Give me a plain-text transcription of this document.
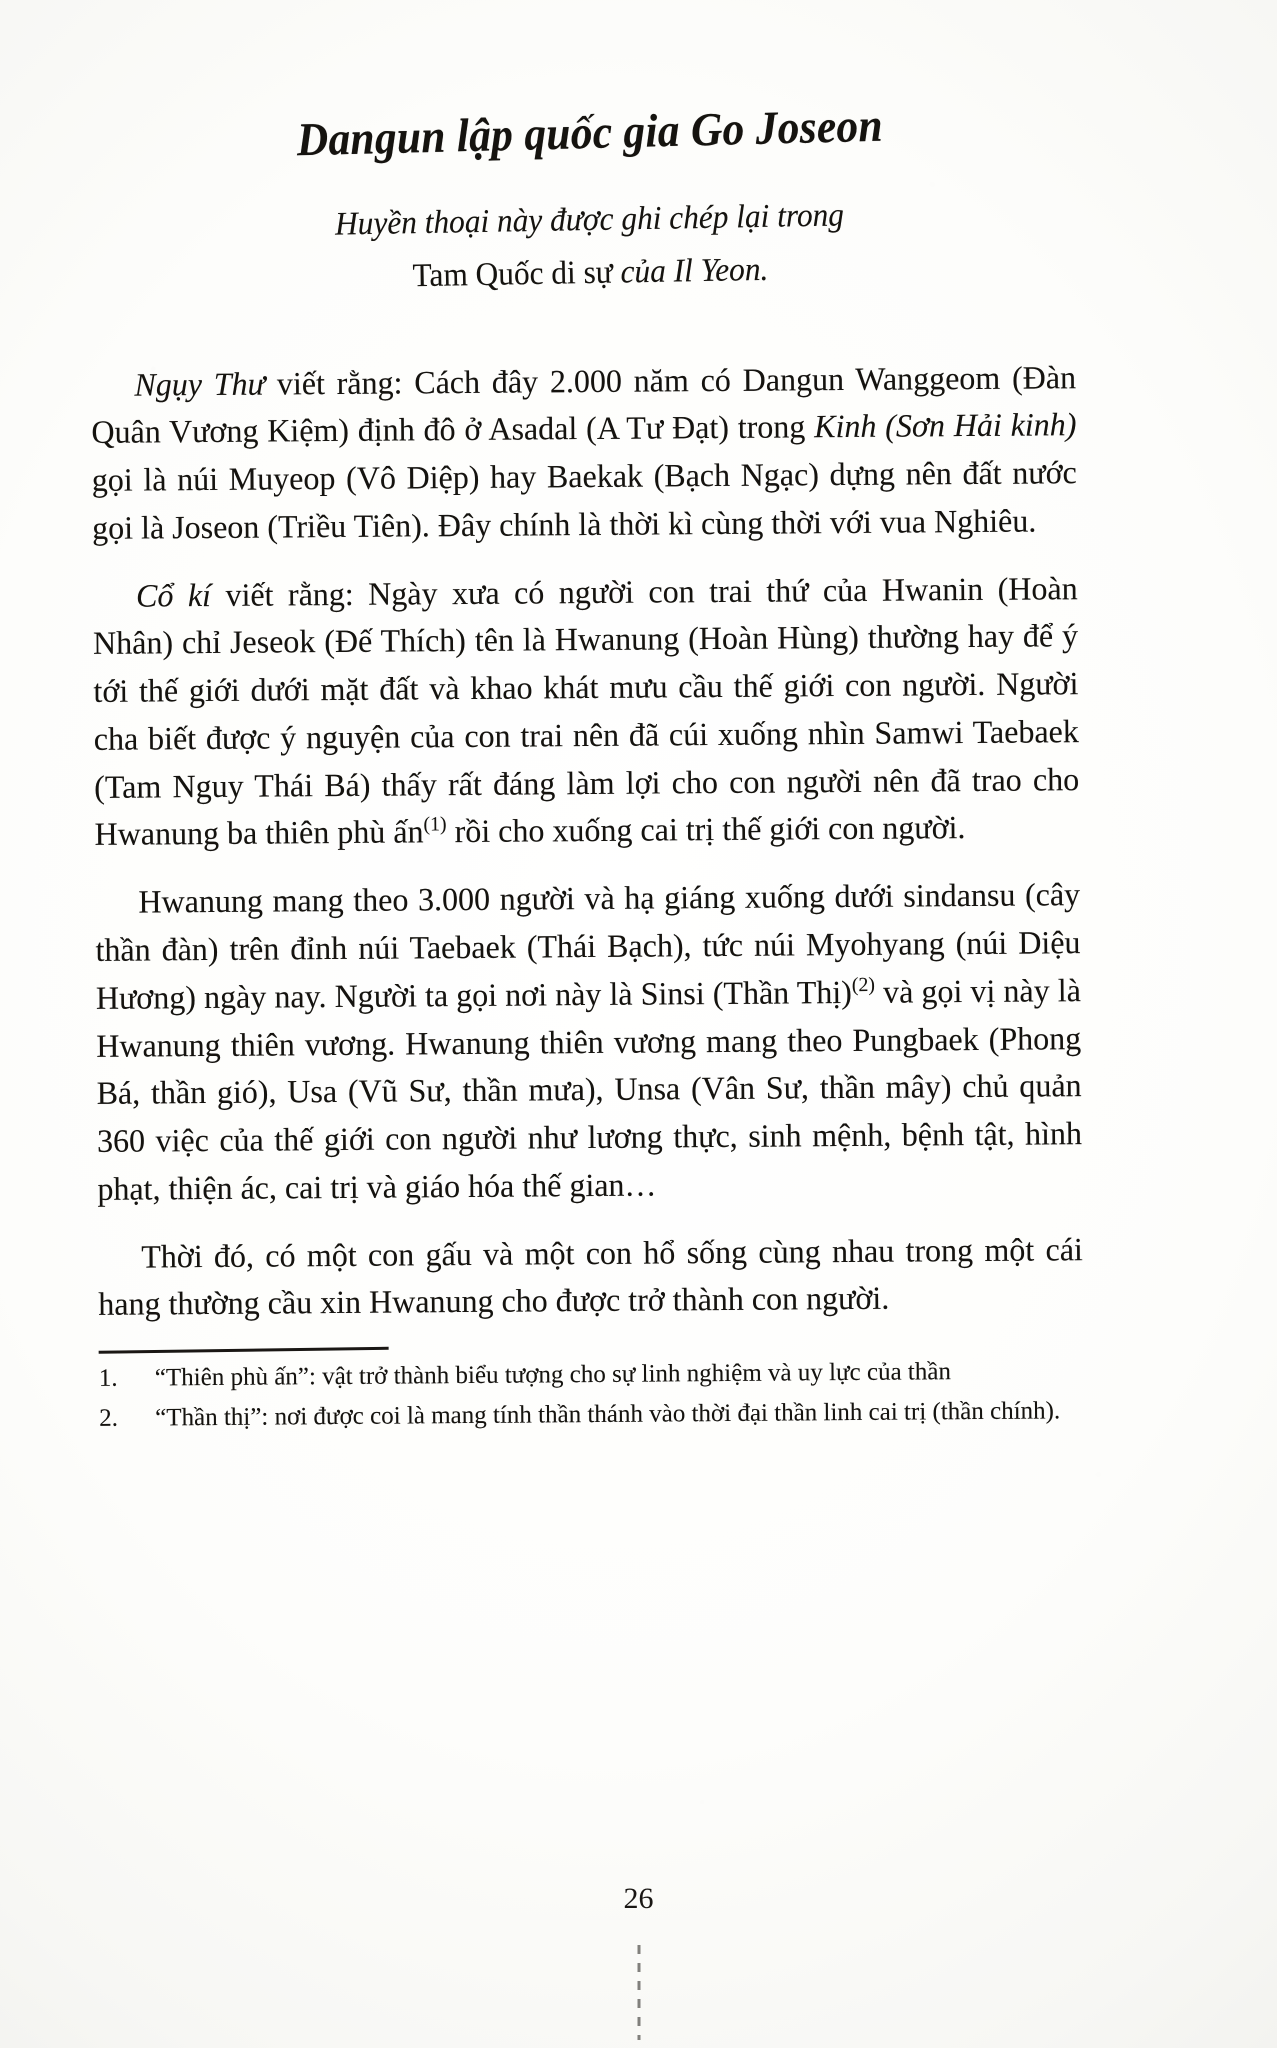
Dangun lập quốc gia Go Joseon
Huyền thoại này được ghi chép lại trong
Tam Quốc di sự của Il Yeon.

Ngụy Thư viết rằng: Cách đây 2.000 năm có Dangun Wanggeom (Đàn Quân Vương Kiệm) định đô ở Asadal (A Tư Đạt) trong Kinh (Sơn Hải kinh) gọi là núi Muyeop (Vô Diệp) hay Baekak (Bạch Ngạc) dựng nên đất nước gọi là Joseon (Triều Tiên). Đây chính là thời kì cùng thời với vua Nghiêu.

Cổ kí viết rằng: Ngày xưa có người con trai thứ của Hwanin (Hoàn Nhân) chỉ Jeseok (Đế Thích) tên là Hwanung (Hoàn Hùng) thường hay để ý tới thế giới dưới mặt đất và khao khát mưu cầu thế giới con người. Người cha biết được ý nguyện của con trai nên đã cúi xuống nhìn Samwi Taebaek (Tam Nguy Thái Bá) thấy rất đáng làm lợi cho con người nên đã trao cho Hwanung ba thiên phù ấn$^{(1)}$ rồi cho xuống cai trị thế giới con người.

Hwanung mang theo 3.000 người và hạ giáng xuống dưới sindansu (cây thần đàn) trên đỉnh núi Taebaek (Thái Bạch), tức núi Myohyang (núi Diệu Hương) ngày nay. Người ta gọi nơi này là Sinsi (Thần Thị)$^{(2)}$ và gọi vị này là Hwanung thiên vương. Hwanung thiên vương mang theo Pungbaek (Phong Bá, thần gió), Usa (Vũ Sư, thần mưa), Unsa (Vân Sư, thần mây) chủ quản 360 việc của thế giới con người như lương thực, sinh mệnh, bệnh tật, hình phạt, thiện ác, cai trị và giáo hóa thế gian…

Thời đó, có một con gấu và một con hổ sống cùng nhau trong một cái hang thường cầu xin Hwanung cho được trở thành con người.

1.	“Thiên phù ấn”: vật trở thành biểu tượng cho sự linh nghiệm và uy lực của thần
2.	“Thần thị”: nơi được coi là mang tính thần thánh vào thời đại thần linh cai trị (thần chính).
26
